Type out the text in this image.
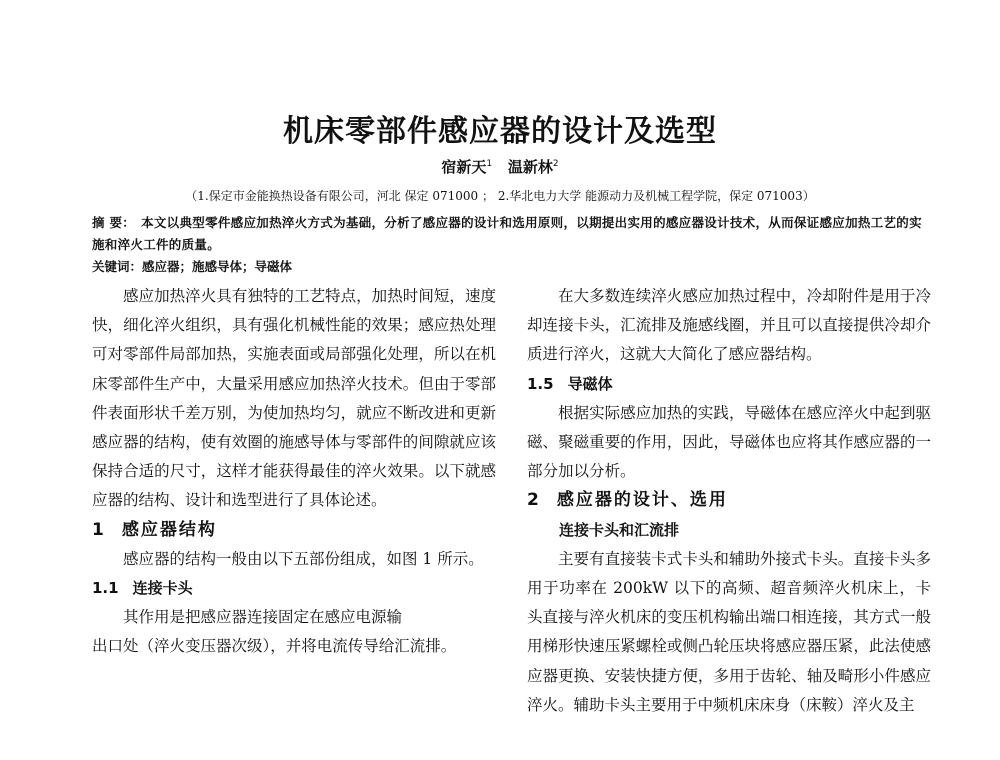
机床零部件感应器的设计及选型
宿新天$^1$ 温新林$^2$
（1.保定市金能换热设备有限公司，河北 保定 071000 ； 2.华北电力大学 能源动力及机械工程学院，保定 071003）
摘 要： 本文以典型零件感应加热淬火方式为基础，分析了感应器的设计和选用原则，以期提出实用的感应器设计技术，从而保证感应加热工艺的实施和淬火工件的质量。
关键词：感应器；施感导体；导磁体

感应加热淬火具有独特的工艺特点，加热时间短，速度快，细化淬火组织，具有强化机械性能的效果；感应热处理可对零部件局部加热，实施表面或局部强化处理，所以在机床零部件生产中，大量采用感应加热淬火技术。但由于零部件表面形状千差万别，为使加热均匀，就应不断改进和更新感应器的结构，使有效圈的施感导体与零部件的间隙就应该保持合适的尺寸，这样才能获得最佳的淬火效果。以下就感应器的结构、设计和选型进行了具体论述。

1 感应器结构

感应器的结构一般由以下五部份组成，如图 1 所示。

1.1 连接卡头

其作用是把感应器连接固定在感应电源输

出口处（淬火变压器次级），并将电流传导给汇流排。

在大多数连续淬火感应加热过程中，冷却附件是用于冷却连接卡头，汇流排及施感线圈，并且可以直接提供冷却介质进行淬火，这就大大简化了感应器结构。

1.5 导磁体

根据实际感应加热的实践，导磁体在感应淬火中起到驱磁、聚磁重要的作用，因此，导磁体也应将其作感应器的一部分加以分析。

2 感应器的设计、选用
连接卡头和汇流排

主要有直接装卡式卡头和辅助外接式卡头。直接卡头多用于功率在 200kW 以下的高频、超音频淬火机床上，卡头直接与淬火机床的变压机构输出端口相连接，其方式一般用梯形快速压紧螺栓或侧凸轮压块将感应器压紧，此法使感应器更换、安装快捷方便，多用于齿轮、轴及畸形小件感应淬火。辅助卡头主要用于中频机床床身（床鞍）淬火及主
